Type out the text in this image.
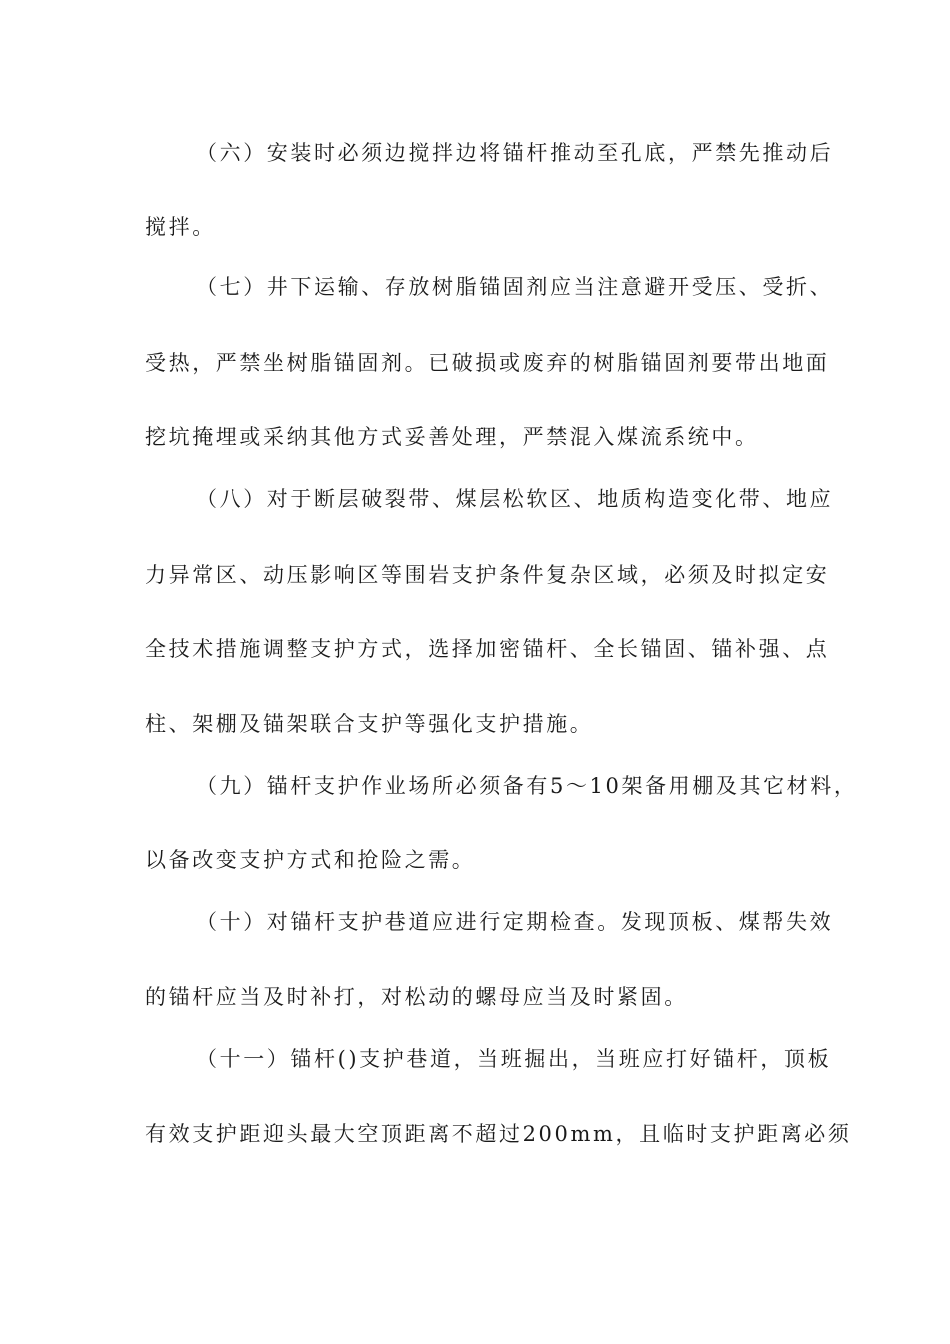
（六）安装时必须边搅拌边将锚杆推动至孔底，严禁先推动后
搅拌。
（七）井下运输、存放树脂锚固剂应当注意避开受压、受折、
受热，严禁坐树脂锚固剂。已破损或废弃的树脂锚固剂要带出地面
挖坑掩埋或采纳其他方式妥善处理，严禁混入煤流系统中。
（八）对于断层破裂带、煤层松软区、地质构造变化带、地应
力异常区、动压影响区等围岩支护条件复杂区域，必须及时拟定安
全技术措施调整支护方式，选择加密锚杆、全长锚固、锚补强、点
柱、架棚及锚架联合支护等强化支护措施。
（九）锚杆支护作业场所必须备有5～10架备用棚及其它材料，
以备改变支护方式和抢险之需。
（十）对锚杆支护巷道应进行定期检查。发现顶板、煤帮失效
的锚杆应当及时补打，对松动的螺母应当及时紧固。
（十一）锚杆()支护巷道，当班掘出，当班应打好锚杆，顶板
有效支护距迎头最大空顶距离不超过200mm，且临时支护距离必须
